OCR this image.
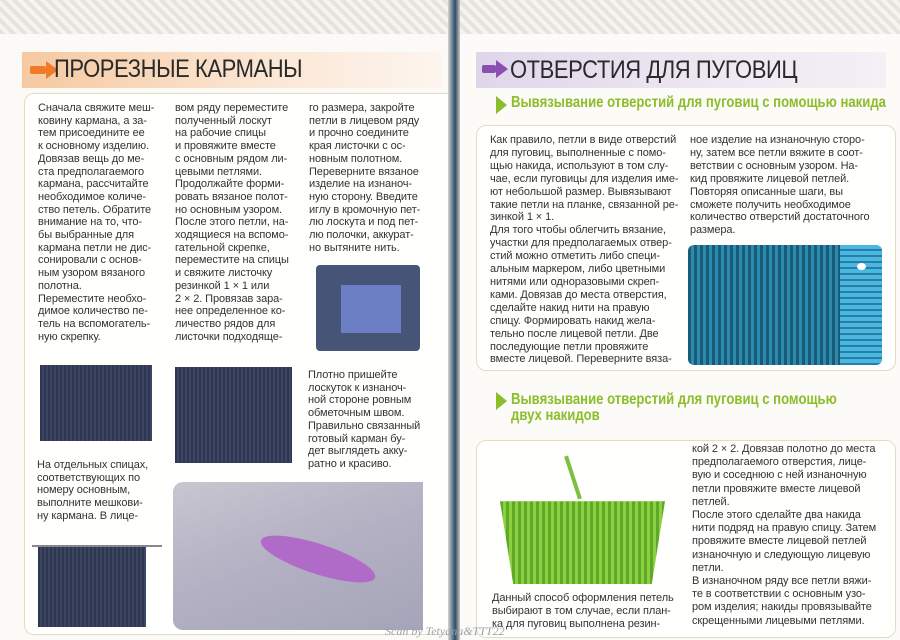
ПРОРЕЗНЫЕ КАРМАНЫ
Сначала свяжите меш-
ковину кармана, а за-
тем присоедините ее
к основному изделию.
Довязав вещь до ме-
ста предполагаемого
кармана, рассчитайте
необходимое количе-
ство петель. Обратите
внимание на то, что-
бы выбранные для
кармана петли не дис-
сонировали с основ-
ным узором вязаного
полотна.
Переместите необхо-
димое количество пе-
тель на вспомогатель-
ную скрепку.
вом ряду переместите
полученный лоскут
на рабочие спицы
и провяжите вместе
с основным рядом ли-
цевыми петлями.
Продолжайте форми-
ровать вязаное полот-
но основным узором.
После этого петли, на-
ходящиеся на вспомо-
гательной скрепке,
переместите на спицы
и свяжите листочку
резинкой 1 × 1 или
2 × 2. Провязав зара-
нее определенное ко-
личество рядов для
листочки подходяще-
го размера, закройте
петли в лицевом ряду
и прочно соедините
края листочки с ос-
новным полотном.
Переверните вязаное
изделие на изнаноч-
ную сторону. Введите
иглу в кромочную пет-
лю лоскута и под пет-
лю полочки, аккурат-
но вытяните нить.
Плотно пришейте
лоскуток к изнаноч-
ной стороне ровным
обметочным швом.
Правильно связанный
готовый карман бу-
дет выглядеть акку-
ратно и красиво.
На отдельных спицах,
соответствующих по
номеру основным,
выполните мешкови-
ну кармана. В лице-
ОТВЕРСТИЯ ДЛЯ ПУГОВИЦ
Вывязывание отверстий для пуговиц с помощью накида
Как правило, петли в виде отверстий
для пуговиц, выполненные с помо-
щью накида, используют в том слу-
чае, если пуговицы для изделия име-
ют небольшой размер. Вывязывают
такие петли на планке, связанной ре-
зинкой 1 × 1.
Для того чтобы облегчить вязание,
участки для предполагаемых отвер-
стий можно отметить либо специ-
альным маркером, либо цветными
нитями или одноразовыми скреп-
ками. Довязав до места отверстия,
сделайте накид нити на правую
спицу. Формировать накид жела-
тельно после лицевой петли. Две
последующие петли провяжите
вместе лицевой. Переверните вяза-
ное изделие на изнаночную сторо-
ну, затем все петли вяжите в соот-
ветствии с основным узором. На-
кид провяжите лицевой петлей.
Повторяя описанные шаги, вы
сможете получить необходимое
количество отверстий достаточного
размера.
Вывязывание отверстий для пуговиц с помощью
двух накидов
Данный способ оформления петель
выбирают в том случае, если план-
ка для пуговиц выполнена резин-
кой 2 × 2. Довязав полотно до места
предполагаемого отверстия, лице-
вую и соседнюю с ней изнаночную
петли провяжите вместе лицевой
петлей.
После этого сделайте два накида
нити подряд на правую спицу. Затем
провяжите вместе лицевой петлей
изнаночную и следующую лицевую
петли.
В изнаночном ряду все петли вяжи-
те в соответствии с основным узо-
ром изделия; накиды провязывайте
скрещенными лицевыми петлями.
Scan by Tetyana&TTT22
